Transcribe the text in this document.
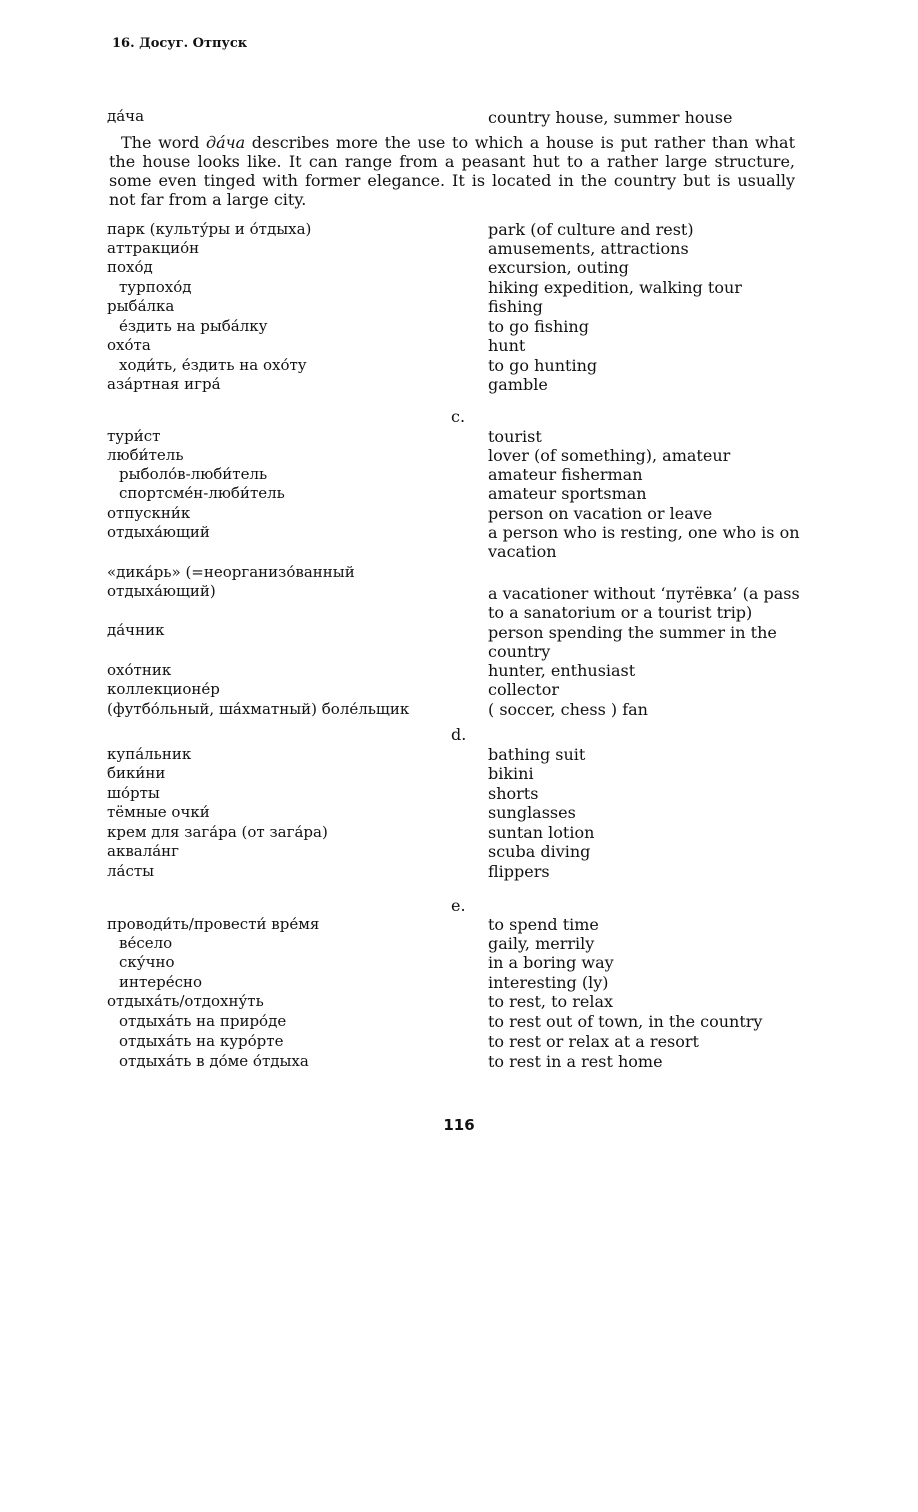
16. Досуг. Отпуск
да́ча	country house, summer house
The word да́ча describes more the use to which a house is put rather than what the house looks like. It can range from a peasant hut to a rather large structure, some even tinged with former elegance. It is located in the country but is usually not far from a large city.
парк (культу́ры и о́тдыха)	park (of culture and rest)
аттракцио́н	amusements, attractions
похо́д	excursion, outing
турпохо́д	hiking expedition, walking tour
рыба́лка	fishing
е́здить на рыба́лку	to go fishing
охо́та	hunt
ходи́ть, е́здить на охо́ту	to go hunting
аза́ртная игра́	gamble
c.
тури́ст	tourist
люби́тель	lover (of something), amateur
рыболо́в-люби́тель	amateur fisherman
спортсме́н-люби́тель	amateur sportsman
отпускни́к	person on vacation or leave
отдыха́ющий	a person who is resting, one who is on vacation
«дика́рь» (=неорганизо́ванный
отдыха́ющий)	a vacationer without ‘путёвка’ (a pass to a sanatorium or a tourist trip)
да́чник	person spending the summer in the country
охо́тник	hunter, enthusiast
коллекционе́р	collector
(футбо́льный, ша́хматный) боле́льщик	( soccer, chess ) fan
d.
купа́льник	bathing suit
бики́ни	bikini
шо́рты	shorts
тёмные очки́	sunglasses
крем для зага́ра (от зага́ра)	suntan lotion
аквала́нг	scuba diving
ла́сты	flippers
e.
проводи́ть/провести́ вре́мя	to spend time
ве́село	gaily, merrily
ску́чно	in a boring way
интере́сно	interesting (ly)
отдыха́ть/отдохну́ть	to rest, to relax
отдыха́ть на приро́де	to rest out of town, in the country
отдыха́ть на куро́рте	to rest or relax at a resort
отдыха́ть в до́ме о́тдыха	to rest in a rest home
116
